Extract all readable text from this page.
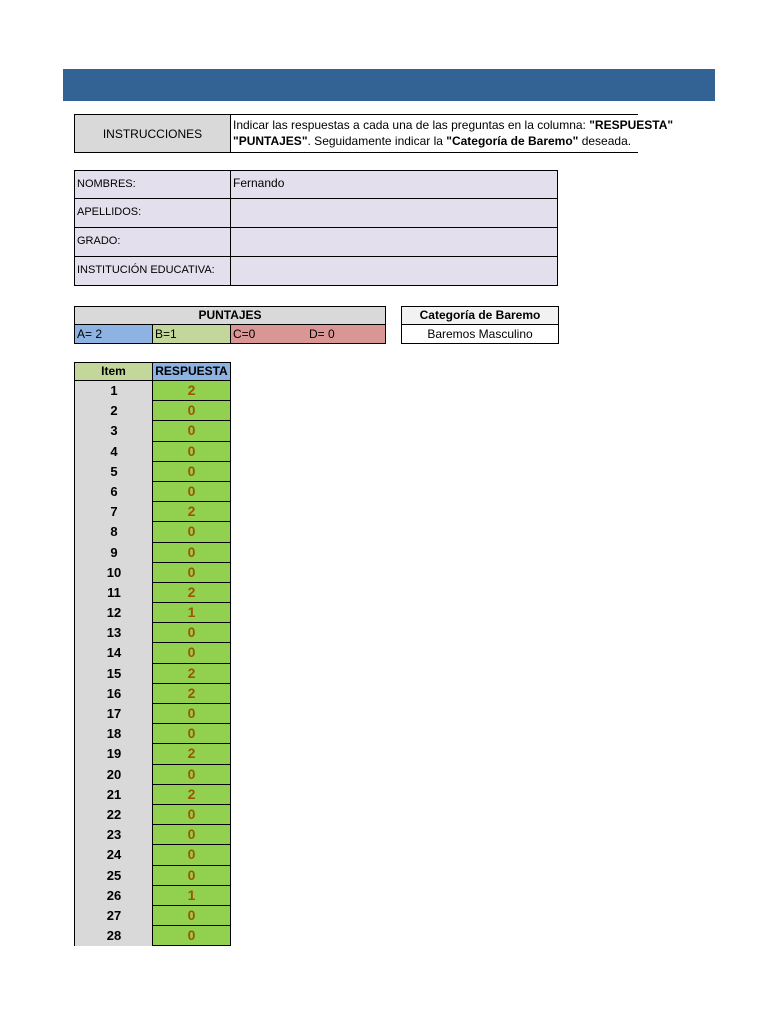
INSTRUCCIONES
Indicar las respuestas a cada una de las preguntas en la columna: "RESPUESTA"
"PUNTAJES". Seguidamente indicar la "Categoría de Baremo" deseada.
NOMBRES:	Fernando
APELLIDOS:
GRADO:
INSTITUCIÓN EDUCATIVA:
PUNTAJES
A= 2	B=1	C=0	D= 0
Categoría de Baremo
Baremos Masculino
Item	RESPUESTA
1	2
2	0
3	0
4	0
5	0
6	0
7	2
8	0
9	0
10	0
11	2
12	1
13	0
14	0
15	2
16	2
17	0
18	0
19	2
20	0
21	2
22	0
23	0
24	0
25	0
26	1
27	0
28	0
